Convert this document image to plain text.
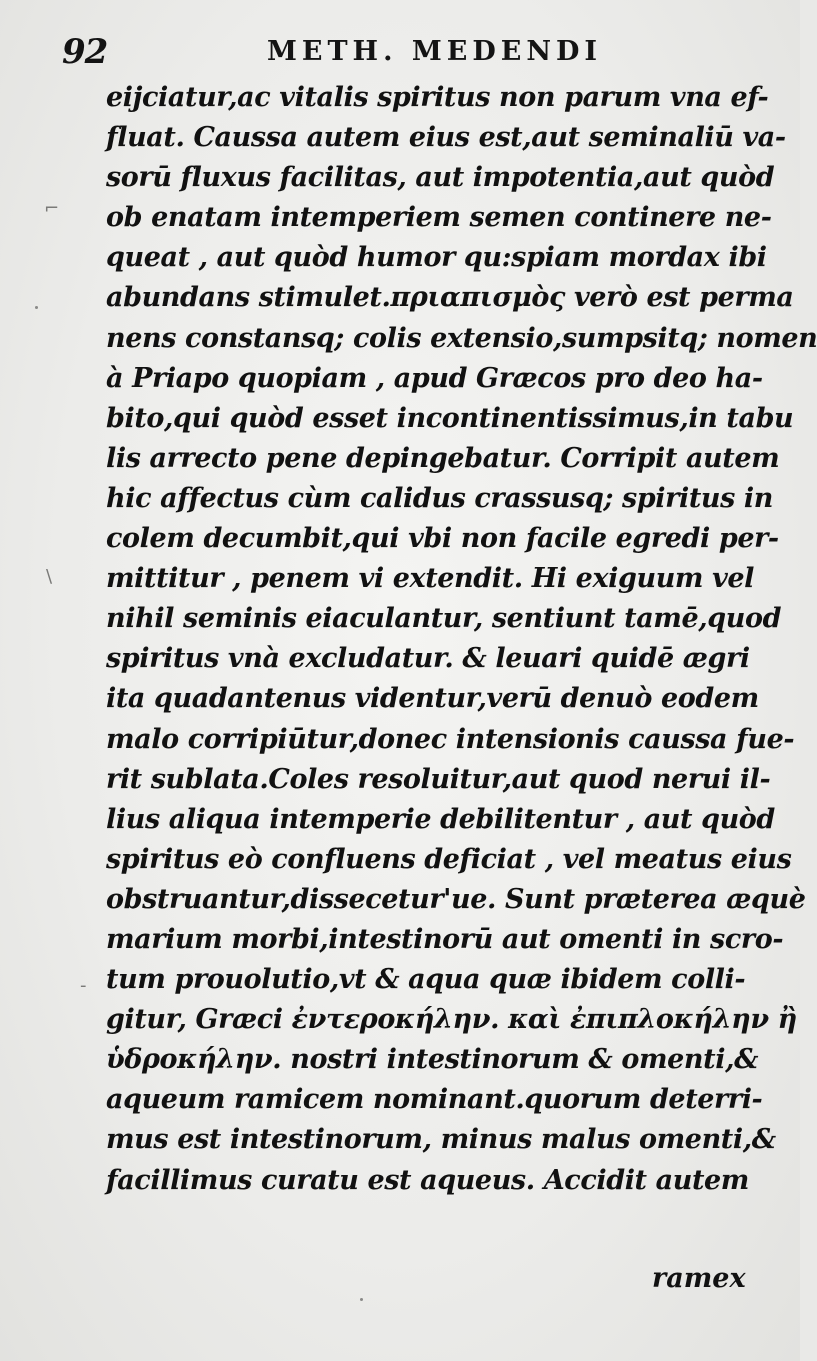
⌐
\
-
92	METH. MEDENDI
eijciatur,ac vitalis spiritus non parum vna ef-
fluat. Caussa autem eius est,aut seminaliū va-
sorū fluxus facilitas, aut impotentia,aut quòd
ob enatam intemperiem semen continere ne-
queat , aut quòd humor qu:spiam mordax ibi
abundans stimulet.πριαπισμὸς verò est perma
nens constansq; colis extensio,sumpsitq; nomen
à Priapo quopiam , apud Græcos pro deo ha-
bito,qui quòd esset incontinentissimus,in tabu
lis arrecto pene depingebatur. Corripit autem
hic affectus cùm calidus crassusq; spiritus in
colem decumbit,qui vbi non facile egredi per-
mittitur , penem vi extendit. Hi exiguum vel
nihil seminis eiaculantur, sentiunt tamē,quod
spiritus vnà excludatur. & leuari quidē ægri
ita quadantenus videntur,verū denuò eodem
malo corripiūtur,donec intensionis caussa fue-
rit sublata.Coles resoluitur,aut quod nerui il-
lius aliqua intemperie debilitentur , aut quòd
spiritus eò confluens deficiat , vel meatus eius
obstruantur,dissecetur'ue. Sunt præterea æquè
marium morbi,intestinorū aut omenti in scro-
tum prouolutio,vt & aqua quæ ibidem colli-
gitur, Græci ἐντεροκήλην. καὶ ἐπιπλοκήλην ἢ
ὑδροκήλην. nostri intestinorum & omenti,&
aqueum ramicem nominant.quorum deterri-
mus est intestinorum, minus malus omenti,&
facillimus curatu est aqueus. Accidit autem
ramex
